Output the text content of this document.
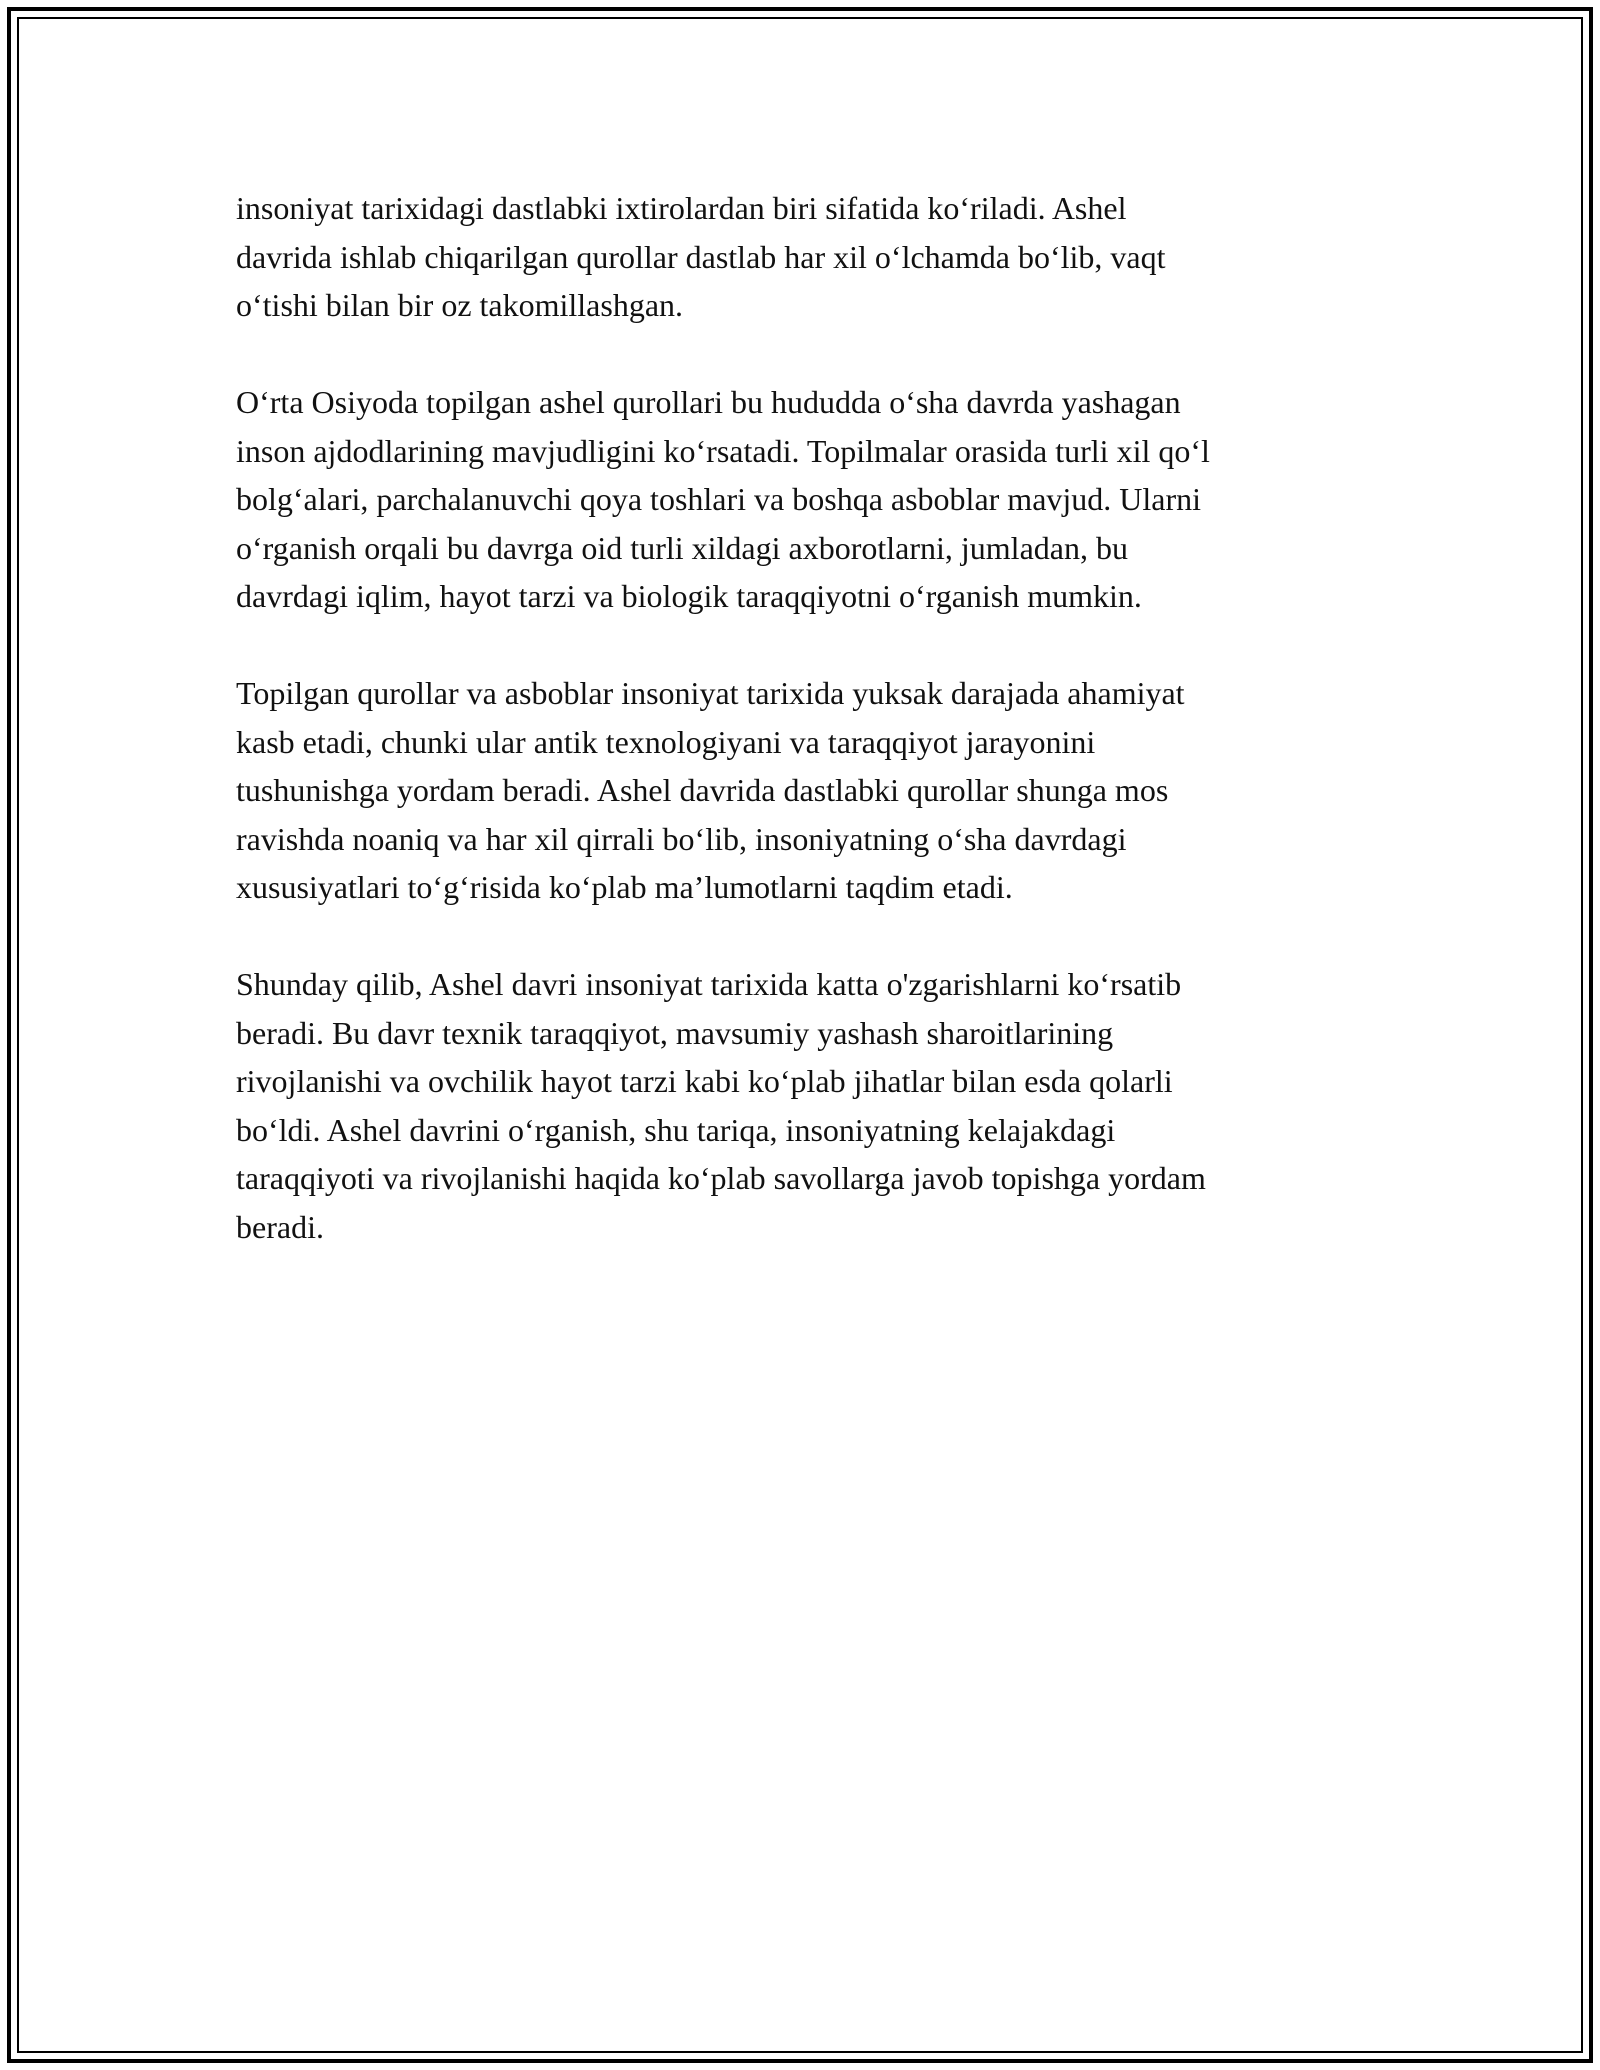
insoniyat tarixidagi dastlabki ixtirolardan biri sifatida ko‘riladi. Ashel
davrida ishlab chiqarilgan qurollar dastlab har xil o‘lchamda bo‘lib, vaqt
o‘tishi bilan bir oz takomillashgan.

O‘rta Osiyoda topilgan ashel qurollari bu hududda o‘sha davrda yashagan
inson ajdodlarining mavjudligini ko‘rsatadi. Topilmalar orasida turli xil qo‘l
bolg‘alari, parchalanuvchi qoya toshlari va boshqa asboblar mavjud. Ularni
o‘rganish orqali bu davrga oid turli xildagi axborotlarni, jumladan, bu
davrdagi iqlim, hayot tarzi va biologik taraqqiyotni o‘rganish mumkin.

Topilgan qurollar va asboblar insoniyat tarixida yuksak darajada ahamiyat
kasb etadi, chunki ular antik texnologiyani va taraqqiyot jarayonini
tushunishga yordam beradi. Ashel davrida dastlabki qurollar shunga mos
ravishda noaniq va har xil qirrali bo‘lib, insoniyatning o‘sha davrdagi
xususiyatlari to‘g‘risida ko‘plab ma’lumotlarni taqdim etadi.

Shunday qilib, Ashel davri insoniyat tarixida katta o'zgarishlarni ko‘rsatib
beradi. Bu davr texnik taraqqiyot, mavsumiy yashash sharoitlarining
rivojlanishi va ovchilik hayot tarzi kabi ko‘plab jihatlar bilan esda qolarli
bo‘ldi. Ashel davrini o‘rganish, shu tariqa, insoniyatning kelajakdagi
taraqqiyoti va rivojlanishi haqida ko‘plab savollarga javob topishga yordam
beradi.
